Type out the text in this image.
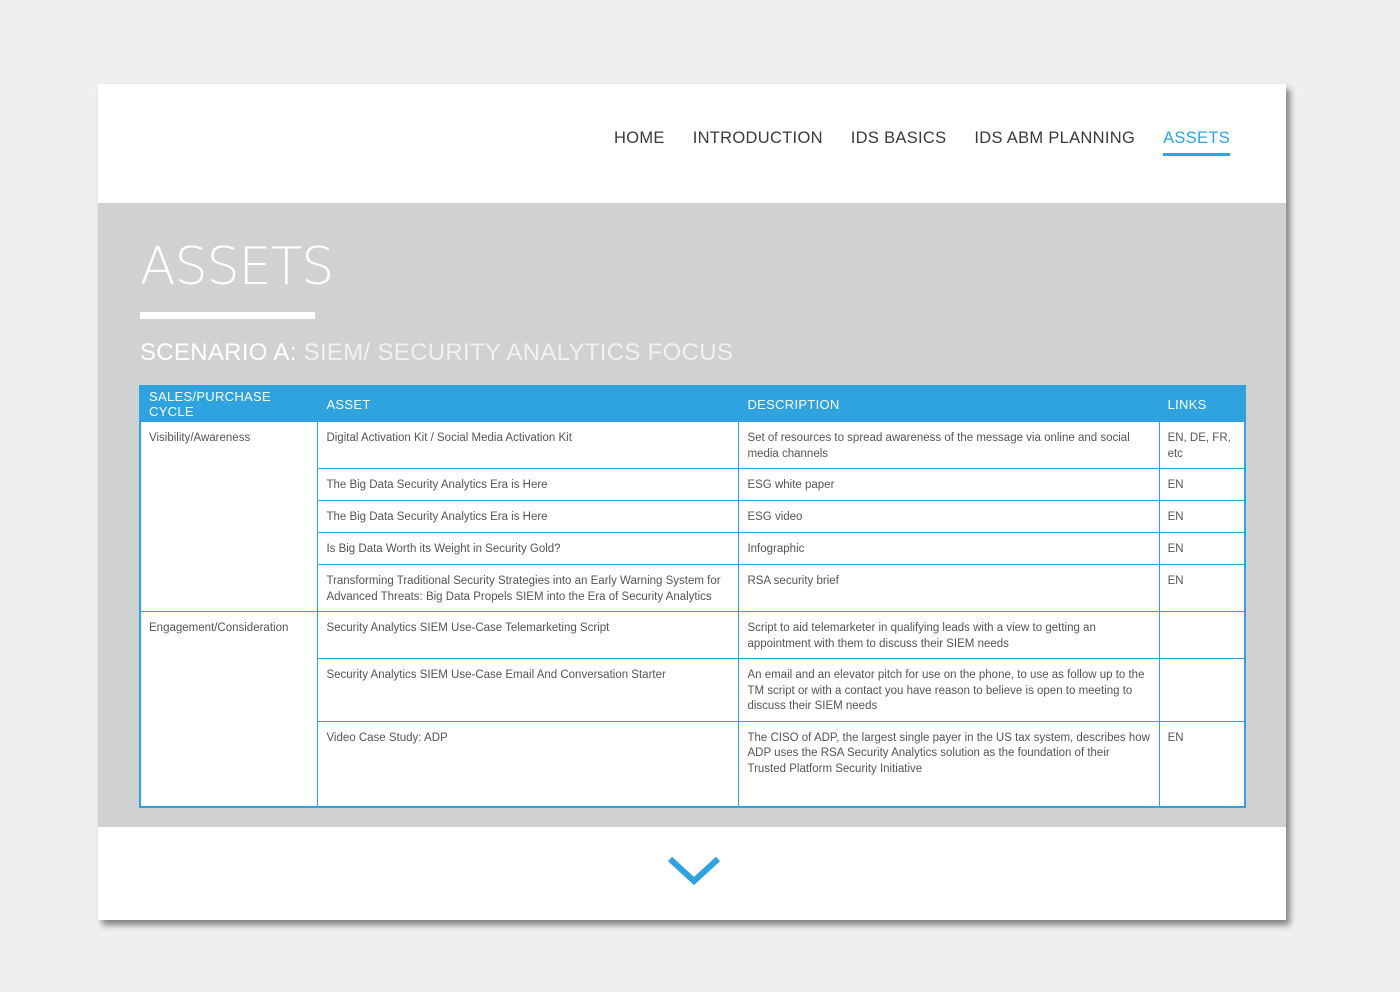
HOME INTRODUCTION IDS BASICS IDS ABM PLANNING ASSETS
ASSETS
SCENARIO A: SIEM/ SECURITY ANALYTICS FOCUS
SALES/PURCHASE CYCLE	ASSET	DESCRIPTION	LINKS
Visibility/Awareness	Digital Activation Kit / Social Media Activation Kit	Set of resources to spread awareness of the message via online and social media channels	EN, DE, FR, etc
	The Big Data Security Analytics Era is Here	ESG white paper	EN
	The Big Data Security Analytics Era is Here	ESG video	EN
	Is Big Data Worth its Weight in Security Gold?	Infographic	EN
	Transforming Traditional Security Strategies into an Early Warning System for Advanced Threats: Big Data Propels SIEM into the Era of Security Analytics	RSA security brief	EN
Engagement/Consideration	Security Analytics SIEM Use-Case Telemarketing Script	Script to aid telemarketer in qualifying leads with a view to getting an appointment with them to discuss their SIEM needs	
	Security Analytics SIEM Use-Case Email And Conversation Starter	An email and an elevator pitch for use on the phone, to use as follow up to the TM script or with a contact you have reason to believe is open to meeting to discuss their SIEM needs	
	Video Case Study: ADP	The CISO of ADP, the largest single payer in the US tax system, describes how ADP uses the RSA Security Analytics solution as the foundation of their Trusted Platform Security Initiative	EN
